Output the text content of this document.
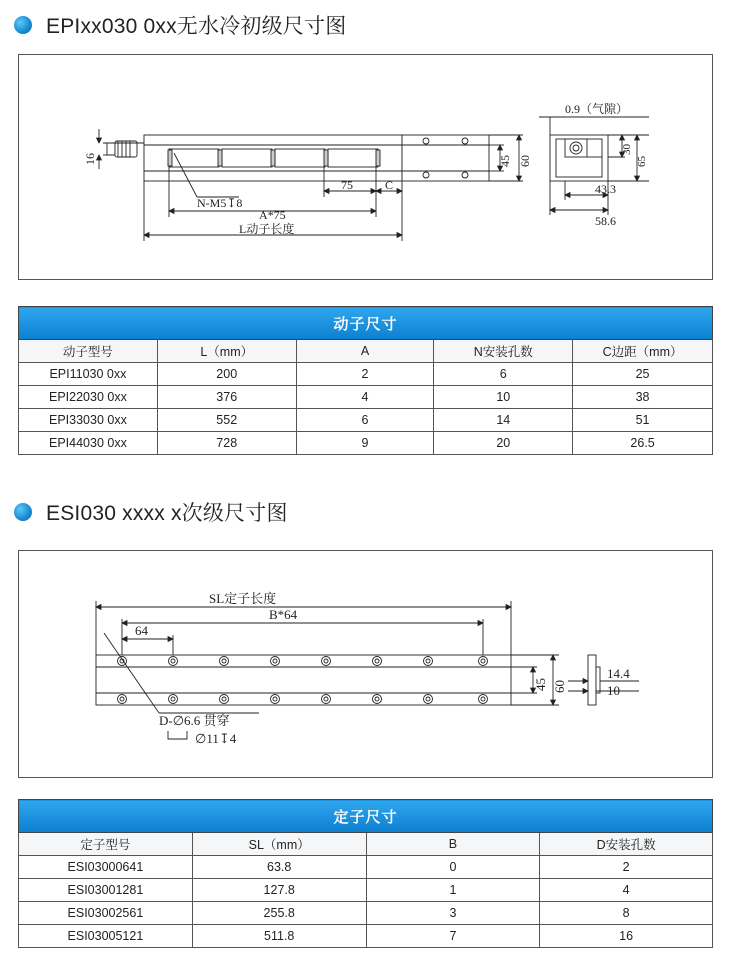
EPIxx030 0xx无水冷初级尺寸图
16
N-M5↧8
A*75
L动子长度
75	C
45 60
0.9（气隙）
30
65
43.3
58.6
动子尺寸				
动子型号	L（mm）	A	N安装孔数	C边距（mm）
EPI11030 0xx	200	2	6	25
EPI22030 0xx	376	4	10	38
EPI33030 0xx	552	6	14	51
EPI44030 0xx	728	9	20	26.5
ESI030 xxxx x次级尺寸图
SL定子长度
B*64
64
45 60
14.4
10
D-∅6.6 贯穿
∅11↧4
定子尺寸			
定子型号	SL（mm）	B	D安装孔数
ESI03000641	63.8	0	2
ESI03001281	127.8	1	4
ESI03002561	255.8	3	8
ESI03005121	511.8	7	16
